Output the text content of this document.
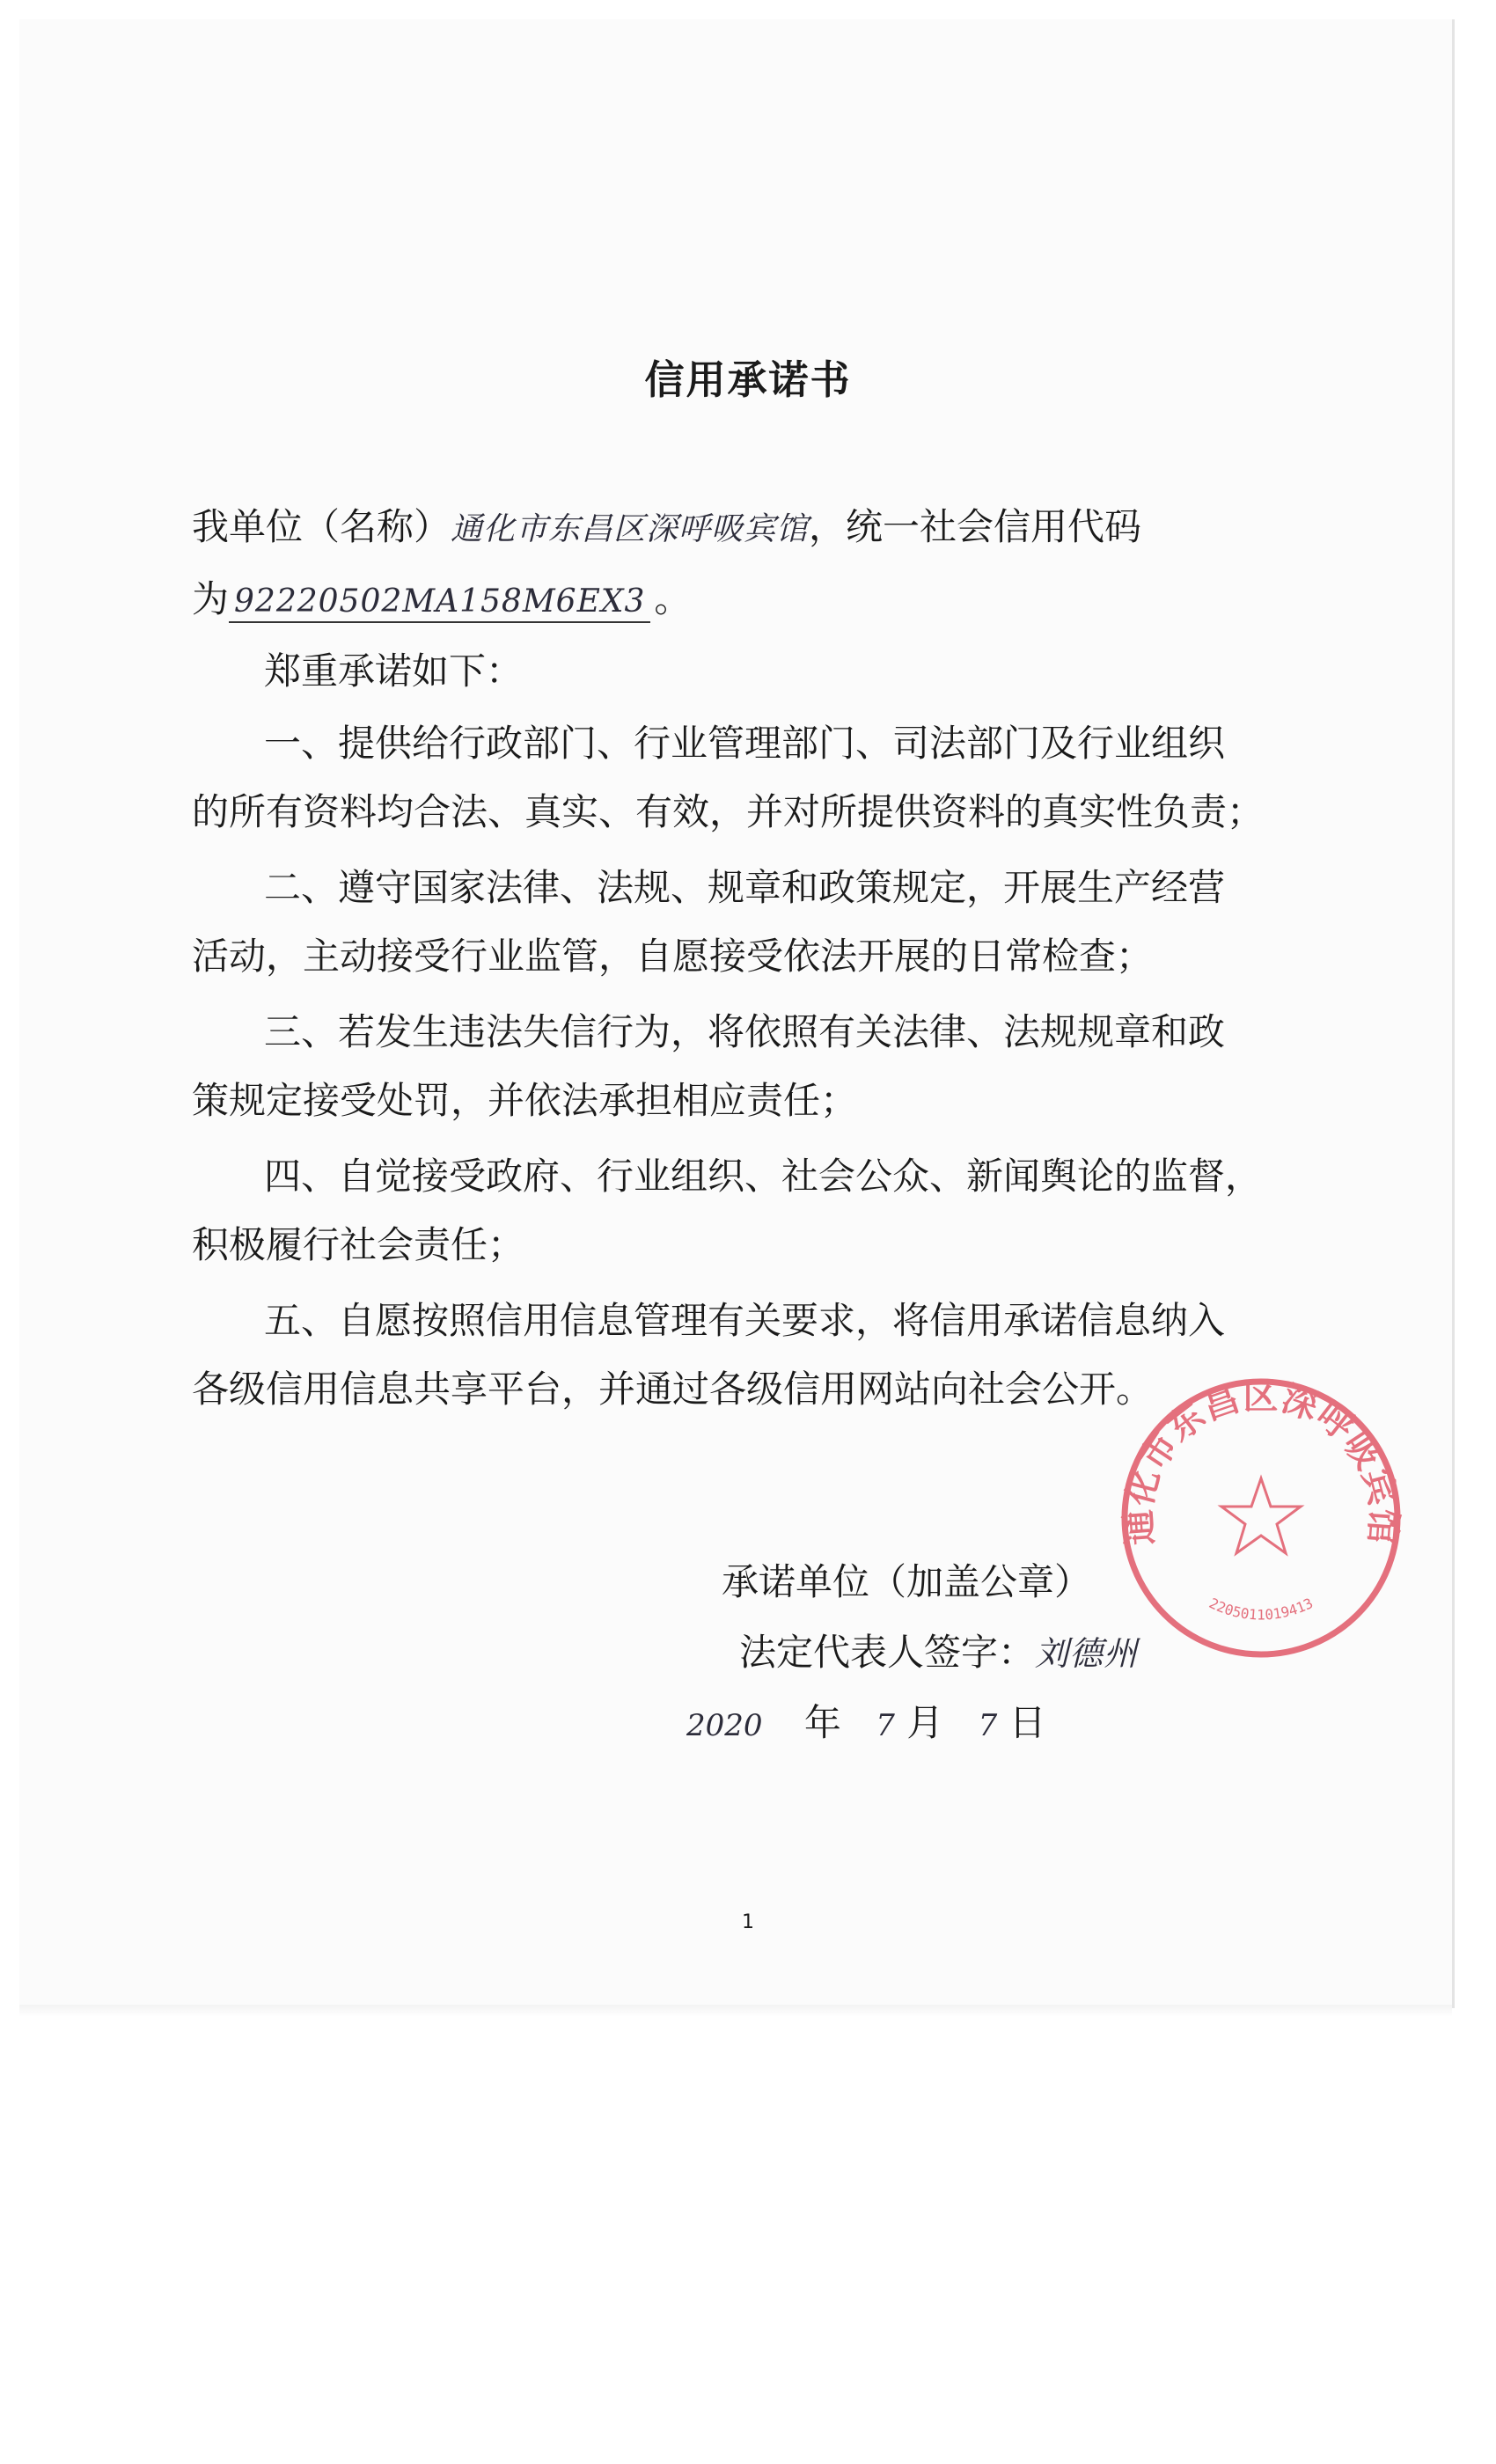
信用承诺书
我单位（名称）通化市东昌区深呼吸宾馆，统一社会信用代码
为 92220502MA158M6EX3 。
郑重承诺如下：
一、提供给行政部门、行业管理部门、司法部门及行业组织
的所有资料均合法、真实、有效，并对所提供资料的真实性负责；
二、遵守国家法律、法规、规章和政策规定，开展生产经营
活动，主动接受行业监管，自愿接受依法开展的日常检查；
三、若发生违法失信行为，将依照有关法律、法规规章和政
策规定接受处罚，并依法承担相应责任；
四、自觉接受政府、行业组织、社会公众、新闻舆论的监督，
积极履行社会责任；
五、自愿按照信用信息管理有关要求，将信用承诺信息纳入
各级信用信息共享平台，并通过各级信用网站向社会公开。
承诺单位（加盖公章）
法定代表人签字：刘德州
2020 年 7 月 7 日
通化市东昌区深呼吸宾馆
2205011019413
1
